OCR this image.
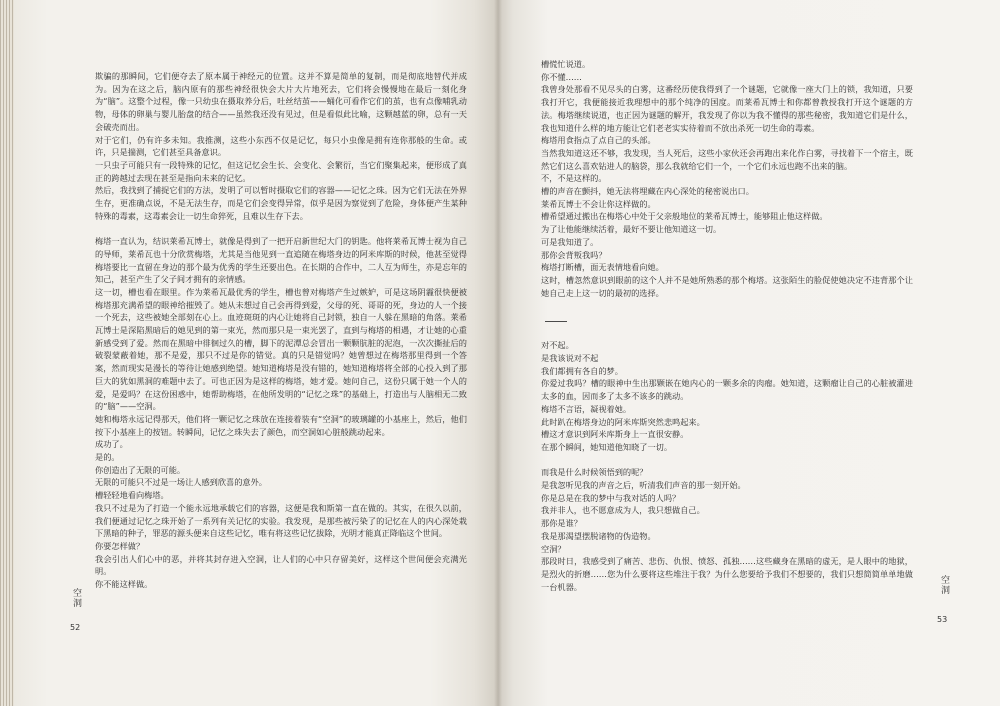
欺骗的那瞬间，它们便夺去了原本属于神经元的位置。这并不算是简单的复制，而是彻底地替代并成为。因为在这之后，脑内原有的那些神经很快会大片大片地死去，它们将会慢慢地在最后一刻化身为“脑”。这整个过程，像一只幼虫在摄取养分后，吐丝结茧——蛹化可看作它们的茧，也有点像哺乳动物，母体的卵巢与婴儿胎盘的结合——虽然我还没有见过，但是看似此比喻，这颗越蓝的卵，总有一天会破壳而出。

对于它们，仍有许多未知。我推测，这些小东西不仅是记忆，每只小虫像是拥有连你那般的生命。或许，只是揣测，它们甚至具备意识。

一只虫子可能只有一段特殊的记忆，但这记忆会生长、会变化、会繁衍，当它们聚集起来，便形成了真正的跨越过去现在甚至是指向未来的记忆。

然后，我找到了捕捉它们的方法，发明了可以暂时摄取它们的容器——记忆之珠。因为它们无法在外界生存，更准确点说，不是无法生存，而是它们会变得异常，似乎是因为察觉到了危险，身体便产生某种特殊的毒素，这毒素会让一切生命猝死，且难以生存下去。

梅塔一直认为，结识莱希瓦博士，就像是得到了一把开启新世纪大门的钥匙。他将莱希瓦博士视为自己的导师，莱希瓦也十分欣赏梅塔，尤其是当他见到一直追随在梅塔身边的阿米库斯的时候，他甚至觉得梅塔要比一直留在身边的那个最为优秀的学生还要出色。在长期的合作中，二人互为师生，亦是忘年的知己，甚至产生了父子间才拥有的亲情感。

这一切，槽也看在眼里。作为莱希瓦最优秀的学生，槽也曾对梅塔产生过嫉妒，可是这场阴霾很快便被梅塔那充满希望的眼神给摧毁了。她从未想过自己会再得到爱，父母的死、哥哥的死，身边的人一个接一个死去，这些被她全部刻在心上。血迹斑斑的内心让她将自己封锁，独自一人躲在黑暗的角落。莱希瓦博士是深陷黑暗后的她见到的第一束光，然而那只是一束光罢了，直到与梅塔的相遇，才让她的心重新感受到了爱。然而在黑暗中徘徊过久的槽，脚下的泥潭总会冒出一颗颗肮脏的泥泡，一次次撕扯后的破裂蒙蔽着她，那不是爱，那只不过是你的错觉。真的只是错觉吗？她曾想过在梅塔那里得到一个答案，然而现实是漫长的等待让她感到绝望。她知道梅塔是没有错的，她知道梅塔将全部的心投入到了那巨大的犹如黑洞的难题中去了。可也正因为是这样的梅塔，她才爱。她问自己，这份只属于她一个人的爱，是爱吗？在这份困惑中，她帮助梅塔，在他所发明的“记忆之珠”的基础上，打造出与人脑相无二致的“脑”——空洞。

她和梅塔永远记得那天，他们将一颗记忆之珠放在连接着装有“空洞”的玻璃罐的小基座上，然后，他们按下小基座上的按钮。转瞬间，记忆之珠失去了颜色，而空洞如心脏般跳动起来。

成功了。

是的。

你创造出了无限的可能。

无限的可能只不过是一场让人感到欣喜的意外。

槽轻轻地看向梅塔。

我只不过是为了打造一个能永远地承载它们的容器，这便是我和斯第一直在做的。其实，在很久以前，我们便通过记忆之珠开始了一系列有关记忆的实验。我发现，是那些被污染了的记忆在人的内心深处栽下黑暗的种子，罪恶的源头便来自这些记忆，唯有将这些记忆拔除，光明才能真正降临这个世间。

你要怎样做？

我会引出人们心中的恶，并将其封存进入空洞，让人们的心中只存留美好，这样这个世间便会充满光明。

你不能这样做。

空洞
52

槽慌忙说道。

你不懂……

我曾身处那看不见尽头的白雾，这番经历使我得到了一个谜题，它就像一座大门上的锁，我知道，只要我打开它，我便能接近我理想中的那个纯净的国度。而莱希瓦博士和你都曾教授我打开这个谜题的方法。梅塔继续说道，也正因为谜题的解开，我发现了你以为我不懂得的那些秘密，我知道它们是什么，我也知道什么样的地方能让它们老老实实待着而不放出杀死一切生命的毒素。

梅塔用食指点了点自己的头部。

当然我知道这还不够，我发现，当人死后，这些小家伙还会再跑出来化作白雾，寻找着下一个宿主，既然它们这么喜欢钻进人的脑袋，那么我就给它们一个，一个它们永远也跑不出来的脑。

不，不是这样的。

槽的声音在颤抖，她无法将埋藏在内心深处的秘密说出口。

莱希瓦博士不会让你这样做的。

槽希望通过搬出在梅塔心中处于父亲般地位的莱希瓦博士，能够阻止他这样做。

为了让他能继续活着，最好不要让他知道这一切。

可是我知道了。

那你会背叛我吗？

梅塔打断槽，面无表情地看向她。

这时，槽忽然意识到眼前的这个人并不是她所熟悉的那个梅塔。这张陌生的脸促使她决定不违背那个让她自己走上这一切的最初的选择。

对不起。

是我该说对不起

我们都拥有各自的梦。

你爱过我吗？槽的眼神中生出那颗嵌在她内心的一颗多余的肉瘤。她知道，这颗瘤让自己的心脏被灌进太多的血，因而多了太多不该多的跳动。

梅塔不言语，凝视着她。

此时趴在梅塔身边的阿米库斯突然悲鸣起来。

槽这才意识到阿米库斯身上一直很安静。

在那个瞬间，她知道他知晓了一切。

而我是什么时候领悟到的呢？

是我忽听见我的声音之后，听清我们声音的那一刻开始。

你是总是在我的梦中与我对话的人吗？

我并非人，也不愿意成为人，我只想做自己。

那你是谁？

我是那渴望摆脱诸物的伪造物。

空洞？

那段时日，我感受到了痛苦、悲伤、仇恨、愤怒、孤独……这些藏身在黑暗的虚无，是人眼中的地狱，是烈火的折磨……您为什么要将这些堆注于我？为什么您要给予我们不想要的，我们只想简简单单地做一台机器。	空洞
53
